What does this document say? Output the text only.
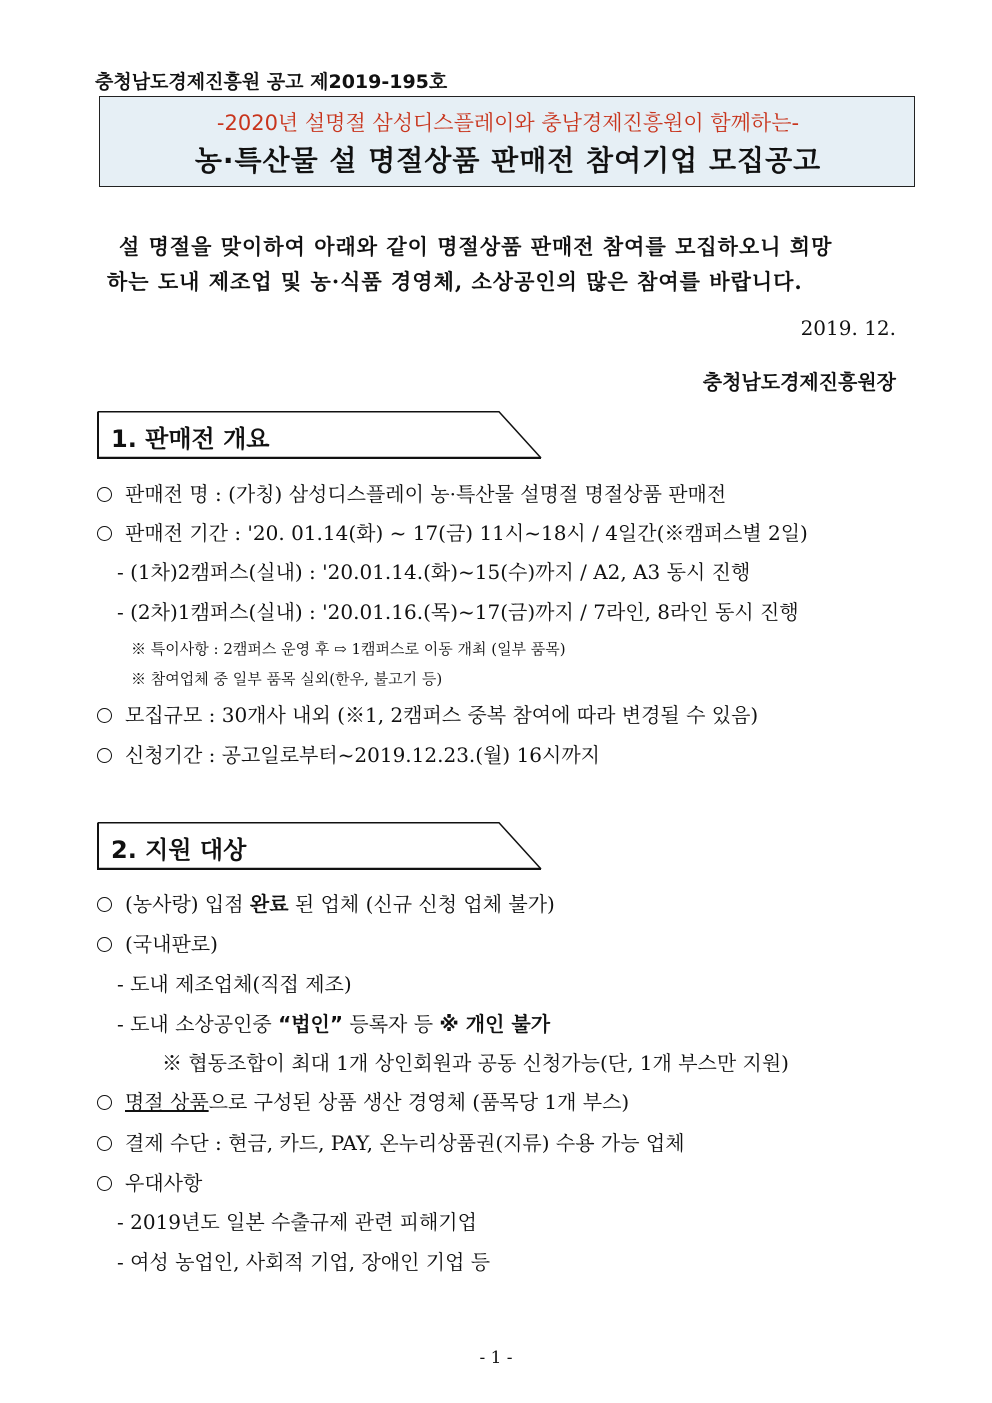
충청남도경제진흥원 공고 제2019-195호
-2020년 설명절 삼성디스플레이와 충남경제진흥원이 함께하는-
농·특산물 설 명절상품 판매전 참여기업 모집공고
설 명절을 맞이하여 아래와 같이 명절상품 판매전 참여를 모집하오니 희망
하는 도내 제조업 및 농·식품 경영체, 소상공인의 많은 참여를 바랍니다.
2019. 12.
충청남도경제진흥원장
1. 판매전 개요
판매전 명 : (가칭) 삼성디스플레이 농·특산물 설명절 명절상품 판매전
판매전 기간 : '20. 01.14(화) ~ 17(금) 11시~18시 / 4일간(※캠퍼스별 2일)
- (1차)2캠퍼스(실내) : '20.01.14.(화)~15(수)까지 / A2, A3 동시 진행
- (2차)1캠퍼스(실내) : '20.01.16.(목)~17(금)까지 / 7라인, 8라인 동시 진행
※ 특이사항 : 2캠퍼스 운영 후 ⇨ 1캠퍼스로 이동 개최 (일부 품목)
※ 참여업체 중 일부 품목 실외(한우, 불고기 등)
모집규모 : 30개사 내외 (※1, 2캠퍼스 중복 참여에 따라 변경될 수 있음)
신청기간 : 공고일로부터~2019.12.23.(월) 16시까지
2. 지원 대상
(농사랑) 입점 완료 된 업체 (신규 신청 업체 불가)
(국내판로)
- 도내 제조업체(직접 제조)
- 도내 소상공인중 “법인” 등록자 등 ※ 개인 불가
※ 협동조합이 최대 1개 상인회원과 공동 신청가능(단, 1개 부스만 지원)
명절 상품으로 구성된 상품 생산 경영체 (품목당 1개 부스)
결제 수단 : 현금, 카드, PAY, 온누리상품권(지류) 수용 가능 업체
우대사항
- 2019년도 일본 수출규제 관련 피해기업
- 여성 농업인, 사회적 기업, 장애인 기업 등
- 1 -
